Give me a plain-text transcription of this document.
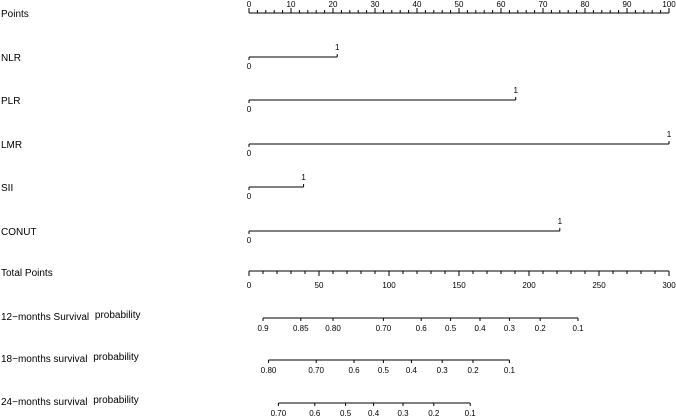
Points
NLR
PLR
LMR
SII
CONUT
Total Points
12−months Survival probability
18−months survival probability
24−months survival probability
0	10	20	30	40	50	60	70	80	90	100
0
1
0
1
0
1
0
1
0
1
0	50	100	150	200	250	300
0.9	0.85 0.80	0.70	0.6 0.5 0.4 0.3 0.2	0.1
0.80	0.70	0.6 0.5 0.4 0.3 0.2	0.1
0.70	0.6 0.5 0.4 0.3 0.2	0.1
